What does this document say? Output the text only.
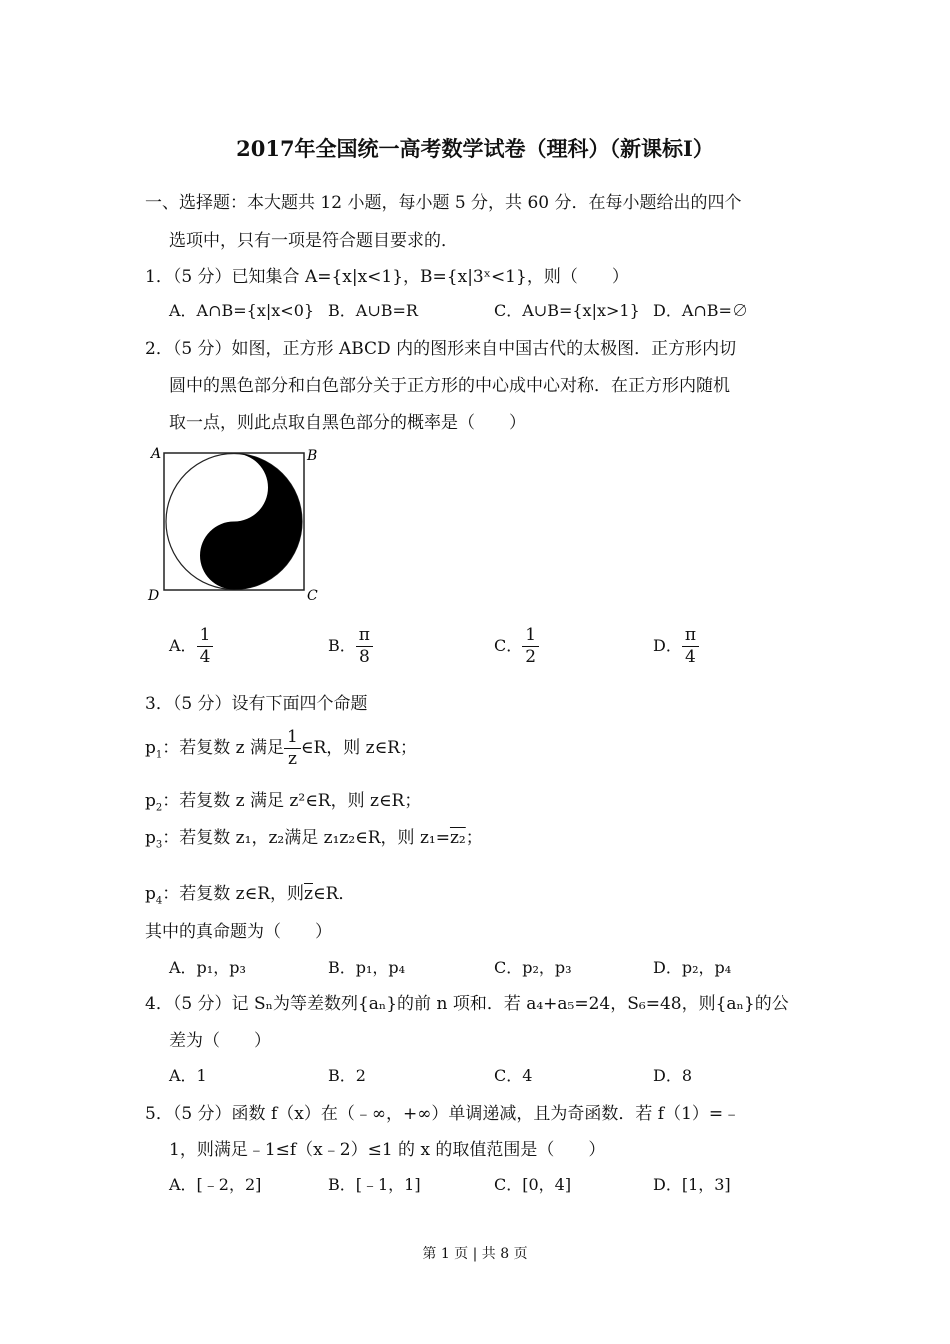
2017年全国统一高考数学试卷（理科）（新课标Ⅰ）
一、选择题：本大题共 12 小题，每小题 5 分，共 60 分．在每小题给出的四个
选项中，只有一项是符合题目要求的．
1．（5 分）已知集合 A={x|x<1}，B={x|3ˣ<1}，则（　　）
A．A∩B={x|x<0} B．A∪B=R	C．A∪B={x|x>1} D．A∩B=∅
2．（5 分）如图，正方形 ABCD 内的图形来自中国古代的太极图．正方形内切
圆中的黑色部分和白色部分关于正方形的中心成中心对称．在正方形内随机
取一点，则此点取自黑色部分的概率是（　　）
A	B
D	C
A． $\frac{1}{4}$	B． $\frac{\pi}{8}$	C． $\frac{1}{2}$	D． $\frac{\pi}{4}$
3．（5 分）设有下面四个命题
$p_1$：若复数 z 满足 $\frac{1}{z}$ ∈R，则 z∈R；
$p_2$：若复数 z 满足 z²∈R，则 z∈R；
$p_3$：若复数 z₁，z₂满足 z₁z₂∈R，则 z₁=z₂；
$p_4$：若复数 z∈R，则$\overline{z}\in R$．
其中的真命题为（　　）
A．p₁，p₃	B．p₁，p₄	C．p₂，p₃	D．p₂，p₄
4．（5 分）记 Sₙ为等差数列{aₙ}的前 n 项和．若 a₄+a₅=24，S₆=48，则{aₙ}的公
差为（　　）
A．1	B．2	C．4	D．8
5．（5 分）函数 f（x）在（﹣∞，+∞）单调递减，且为奇函数．若 f（1）=﹣
1，则满足﹣1≤f（x﹣2）≤1 的 x 的取值范围是（　　）
A．[﹣2，2]	B．[﹣1，1]	C．[0，4]	D．[1，3]
第 1 页 | 共 8 页
